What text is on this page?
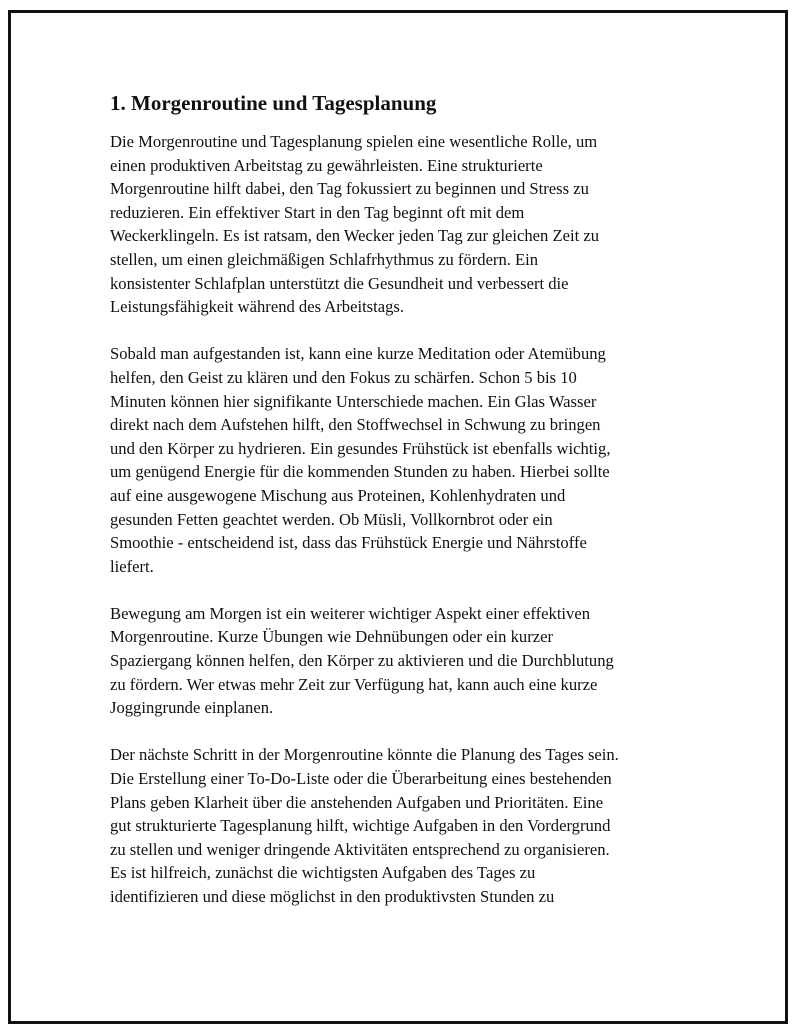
1. Morgenroutine und Tagesplanung
Die Morgenroutine und Tagesplanung spielen eine wesentliche Rolle, um
einen produktiven Arbeitstag zu gewährleisten. Eine strukturierte
Morgenroutine hilft dabei, den Tag fokussiert zu beginnen und Stress zu
reduzieren. Ein effektiver Start in den Tag beginnt oft mit dem
Weckerklingeln. Es ist ratsam, den Wecker jeden Tag zur gleichen Zeit zu
stellen, um einen gleichmäßigen Schlafrhythmus zu fördern. Ein
konsistenter Schlafplan unterstützt die Gesundheit und verbessert die
Leistungsfähigkeit während des Arbeitstags.
Sobald man aufgestanden ist, kann eine kurze Meditation oder Atemübung
helfen, den Geist zu klären und den Fokus zu schärfen. Schon 5 bis 10
Minuten können hier signifikante Unterschiede machen. Ein Glas Wasser
direkt nach dem Aufstehen hilft, den Stoffwechsel in Schwung zu bringen
und den Körper zu hydrieren. Ein gesundes Frühstück ist ebenfalls wichtig,
um genügend Energie für die kommenden Stunden zu haben. Hierbei sollte
auf eine ausgewogene Mischung aus Proteinen, Kohlenhydraten und
gesunden Fetten geachtet werden. Ob Müsli, Vollkornbrot oder ein
Smoothie - entscheidend ist, dass das Frühstück Energie und Nährstoffe
liefert.
Bewegung am Morgen ist ein weiterer wichtiger Aspekt einer effektiven
Morgenroutine. Kurze Übungen wie Dehnübungen oder ein kurzer
Spaziergang können helfen, den Körper zu aktivieren und die Durchblutung
zu fördern. Wer etwas mehr Zeit zur Verfügung hat, kann auch eine kurze
Joggingrunde einplanen.
Der nächste Schritt in der Morgenroutine könnte die Planung des Tages sein.
Die Erstellung einer To-Do-Liste oder die Überarbeitung eines bestehenden
Plans geben Klarheit über die anstehenden Aufgaben und Prioritäten. Eine
gut strukturierte Tagesplanung hilft, wichtige Aufgaben in den Vordergrund
zu stellen und weniger dringende Aktivitäten entsprechend zu organisieren.
Es ist hilfreich, zunächst die wichtigsten Aufgaben des Tages zu
identifizieren und diese möglichst in den produktivsten Stunden zu
